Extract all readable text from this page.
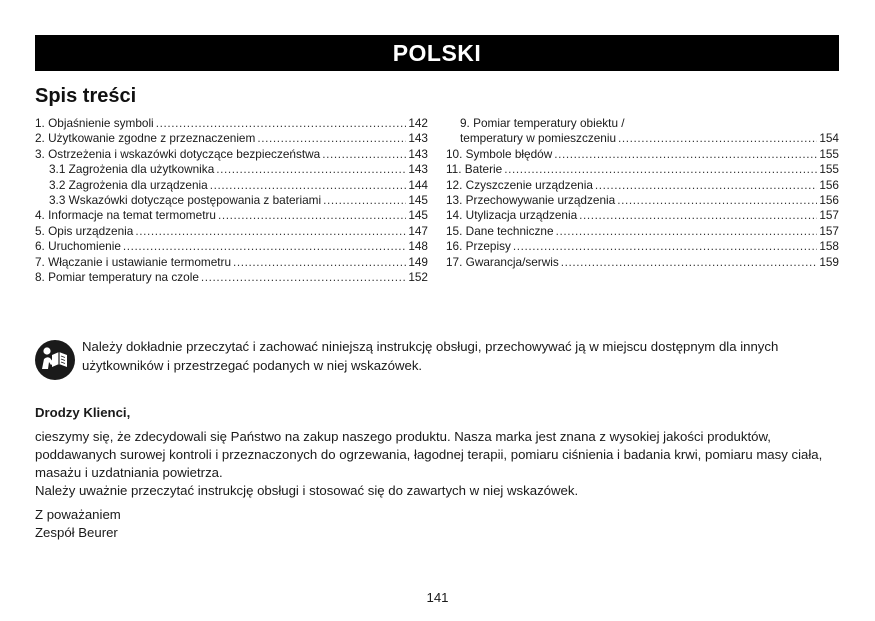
POLSKI
Spis treści
1. Objaśnienie symboli .....	142
2. Użytkowanie zgodne z przeznaczeniem .....	143
3. Ostrzeżenia i wskazówki dotyczące bezpieczeństwa .....	143
3.1 Zagrożenia dla użytkownika .....	143
3.2 Zagrożenia dla urządzenia .....	144
3.3 Wskazówki dotyczące postępowania z bateriami .....	145
4. Informacje na temat termometru .....	145
5. Opis urządzenia .....	147
6. Uruchomienie .....	148
7. Włączanie i ustawianie termometru .....	149
8. Pomiar temperatury na czole .....	152
9. Pomiar temperatury obiektu /
temperatury w pomieszczeniu .....	154
10. Symbole błędów .....	155
11. Baterie .....	155
12. Czyszczenie urządzenia .....	156
13. Przechowywanie urządzenia .....	156
14. Utylizacja urządzenia .....	157
15. Dane techniczne .....	157
16. Przepisy .....	158
17. Gwarancja/serwis .....	159
Należy dokładnie przeczytać i zachować niniejszą instrukcję obsługi, przechowywać ją w miejscu dostępnym dla innych użytkowników i przestrzegać podanych w niej wskazówek.
Drodzy Klienci,

cieszymy się, że zdecydowali się Państwo na zakup naszego produktu. Nasza marka jest znana z wysokiej jakości produktów, poddawanych surowej kontroli i przeznaczonych do ogrzewania, łagodnej terapii, pomiaru ciśnienia i badania krwi, pomiaru masy ciała, masażu i uzdatniania powietrza.

Należy uważnie przeczytać instrukcję obsługi i stosować się do zawartych w niej wskazówek.

Z poważaniem
Zespół Beurer
141
